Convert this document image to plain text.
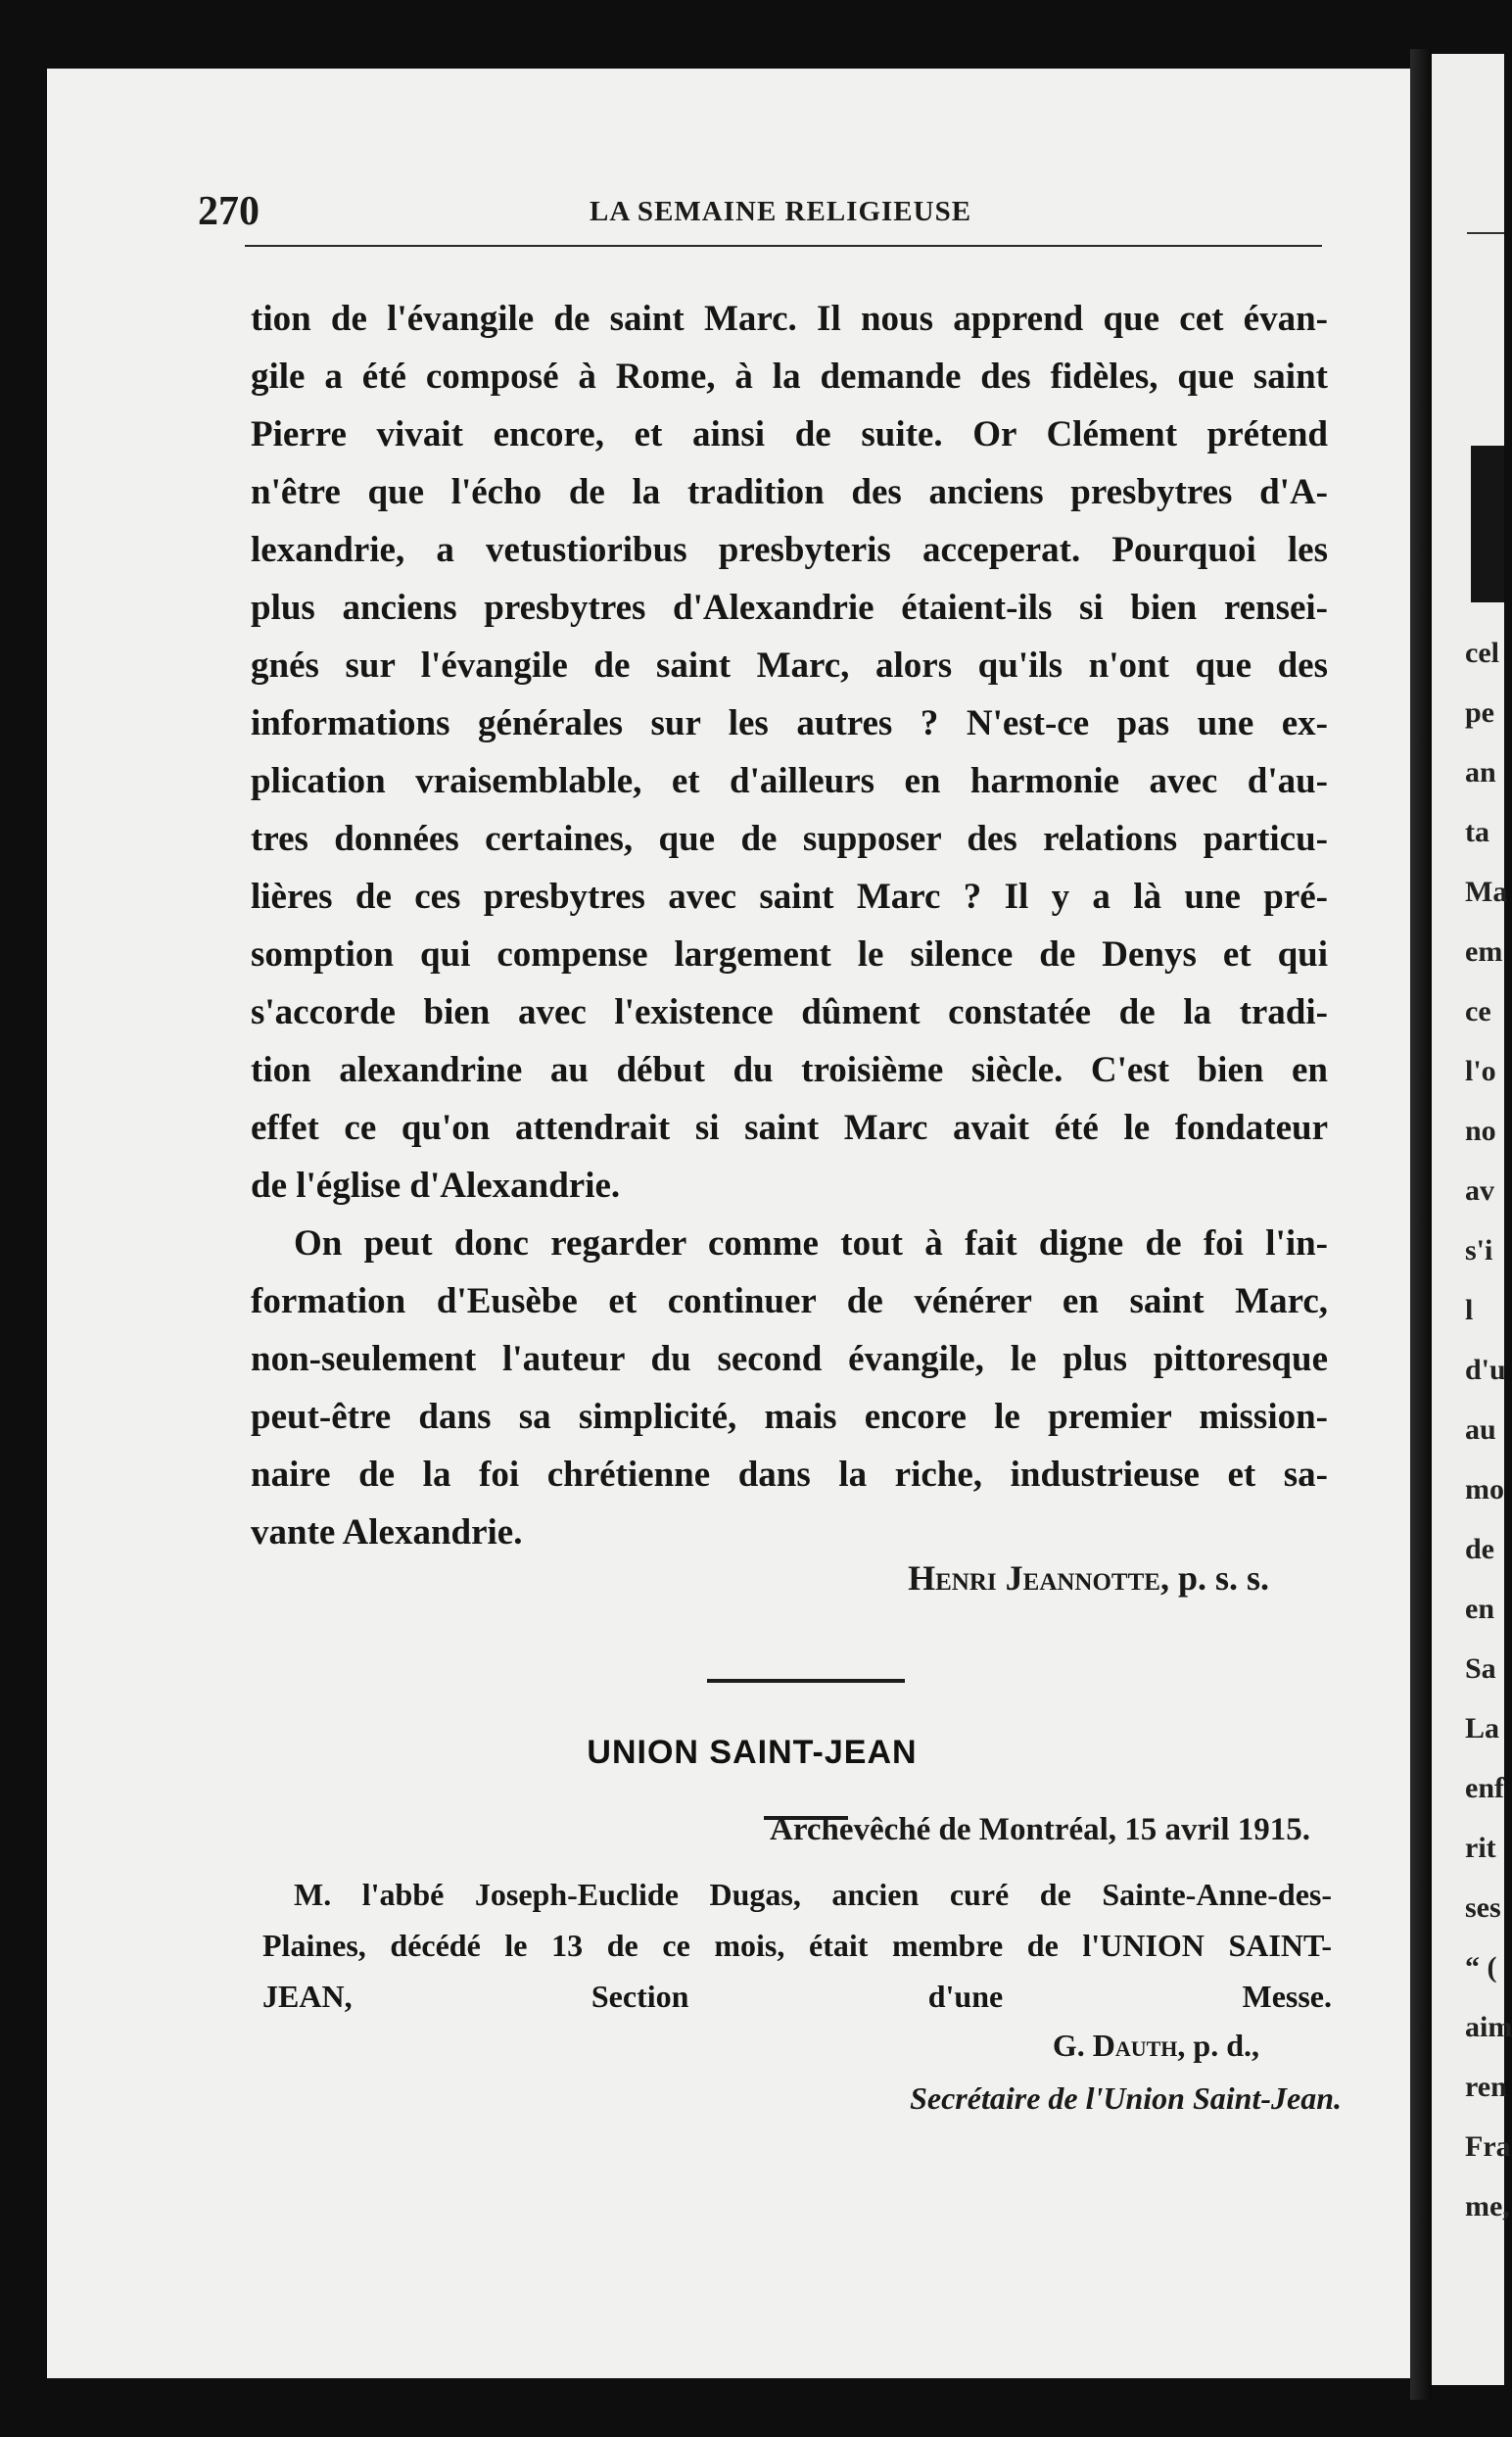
cel
pe
an
ta
Ma
em
ce
l'o
no
av
s'i
l
d'u
au
mo
de
en
Sa
La
enf
rit
ses
“ (
aim
ren
Fra
me,
270	LA SEMAINE RELIGIEUSE
tion de l'évangile de saint Marc. Il nous apprend que cet évan-
gile a été composé à Rome, à la demande des fidèles, que saint
Pierre vivait encore, et ainsi de suite. Or Clément prétend
n'être que l'écho de la tradition des anciens presbytres d'A-
lexandrie, a vetustioribus presbyteris acceperat. Pourquoi les
plus anciens presbytres d'Alexandrie étaient-ils si bien rensei-
gnés sur l'évangile de saint Marc, alors qu'ils n'ont que des
informations générales sur les autres ? N'est-ce pas une ex-
plication vraisemblable, et d'ailleurs en harmonie avec d'au-
tres données certaines, que de supposer des relations particu-
lières de ces presbytres avec saint Marc ? Il y a là une pré-
somption qui compense largement le silence de Denys et qui
s'accorde bien avec l'existence dûment constatée de la tradi-
tion alexandrine au début du troisième siècle. C'est bien en
effet ce qu'on attendrait si saint Marc avait été le fondateur
de l'église d'Alexandrie.
On peut donc regarder comme tout à fait digne de foi l'in-
formation d'Eusèbe et continuer de vénérer en saint Marc,
non-seulement l'auteur du second évangile, le plus pittoresque
peut-être dans sa simplicité, mais encore le premier mission-
naire de la foi chrétienne dans la riche, industrieuse et sa-
vante Alexandrie.
Henri Jeannotte, p. s. s.
UNION SAINT-JEAN
Archevêché de Montréal, 15 avril 1915.
M. l'abbé Joseph-Euclide Dugas, ancien curé de Sainte-Anne-des-
Plaines, décédé le 13 de ce mois, était membre de l'UNION SAINT-
JEAN, Section d'une Messe.
G. Dauth, p. d.,
Secrétaire de l'Union Saint-Jean.
